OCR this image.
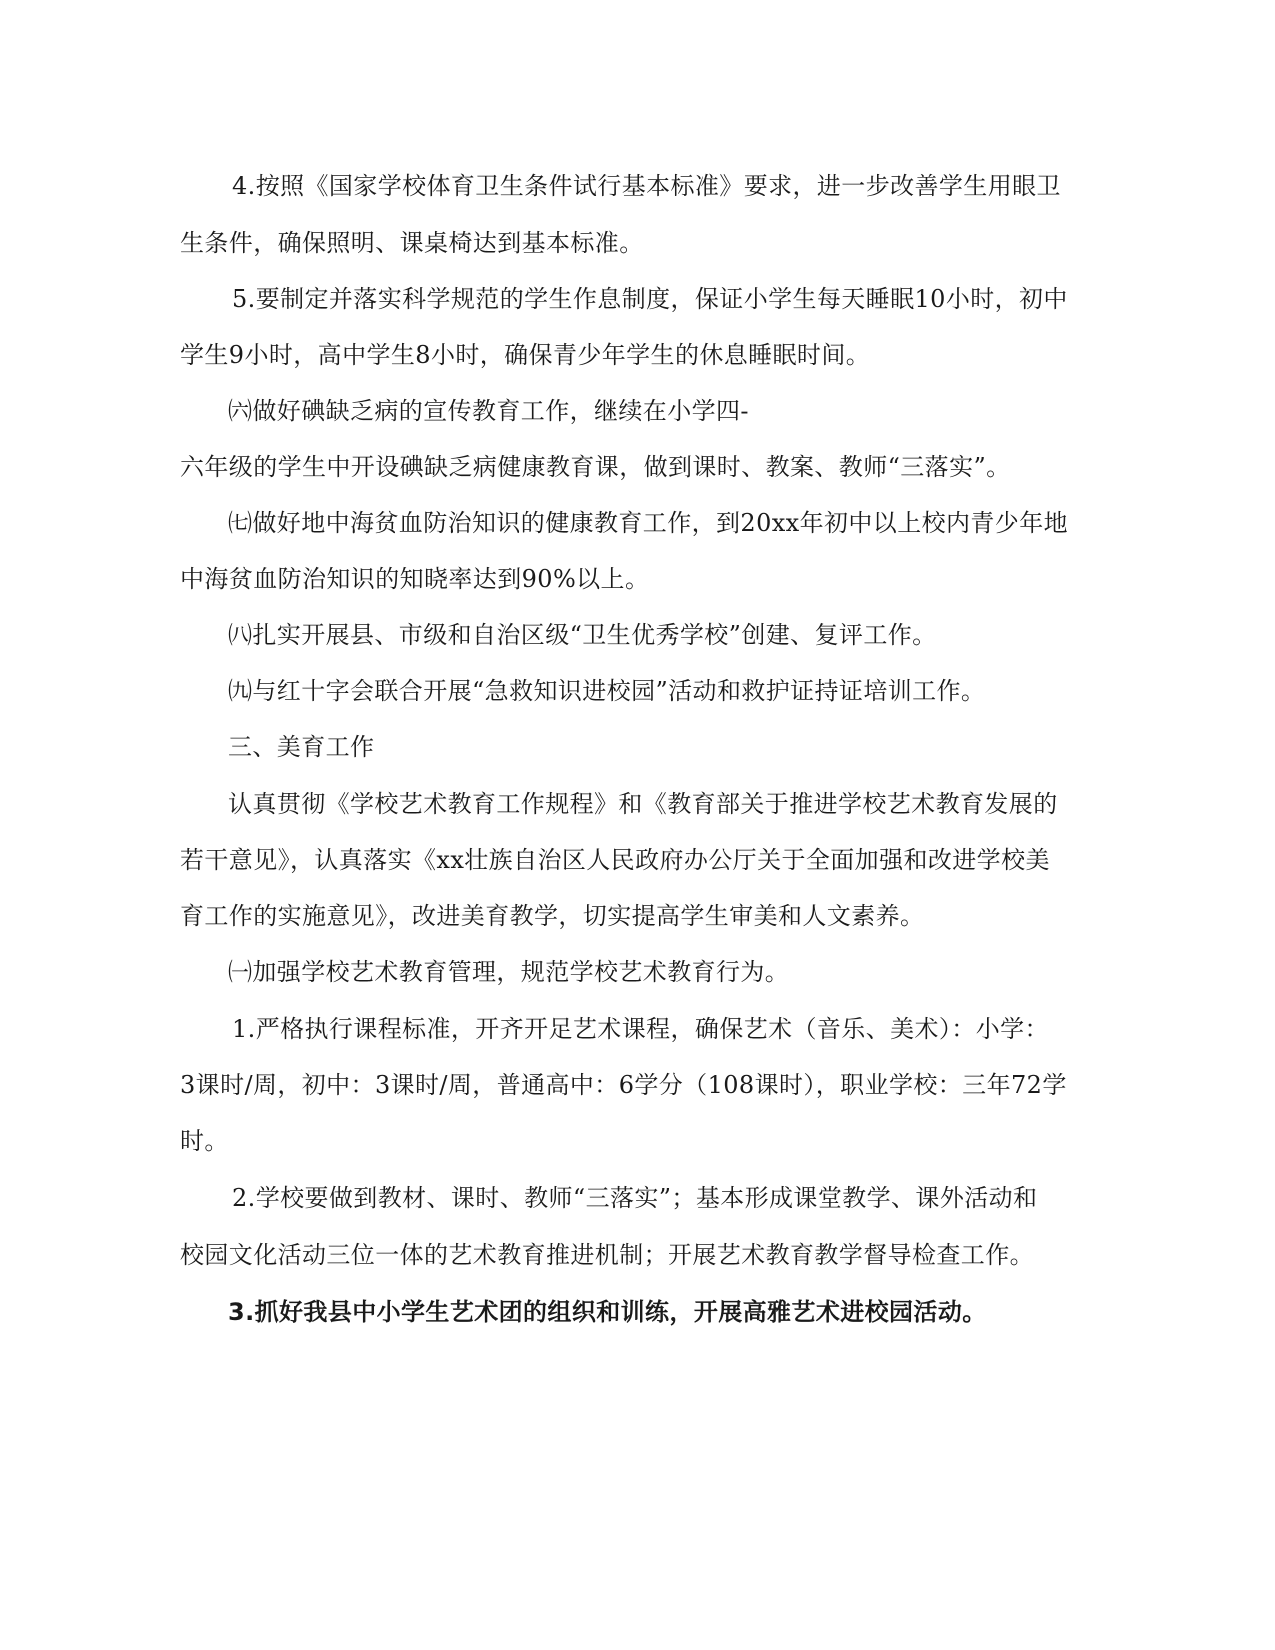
4.按照《国家学校体育卫生条件试行基本标准》要求，进一步改善学生用眼卫
生条件，确保照明、课桌椅达到基本标准。
5.要制定并落实科学规范的学生作息制度，保证小学生每天睡眠10小时，初中
学生9小时，高中学生8小时，确保青少年学生的休息睡眠时间。
㈥做好碘缺乏病的宣传教育工作，继续在小学四-
六年级的学生中开设碘缺乏病健康教育课，做到课时、教案、教师“三落实”。
㈦做好地中海贫血防治知识的健康教育工作，到20xx年初中以上校内青少年地
中海贫血防治知识的知晓率达到90%以上。
㈧扎实开展县、市级和自治区级“卫生优秀学校”创建、复评工作。
㈨与红十字会联合开展“急救知识进校园”活动和救护证持证培训工作。
三、美育工作
认真贯彻《学校艺术教育工作规程》和《教育部关于推进学校艺术教育发展的
若干意见》，认真落实《xx壮族自治区人民政府办公厅关于全面加强和改进学校美
育工作的实施意见》，改进美育教学，切实提高学生审美和人文素养。
㈠加强学校艺术教育管理，规范学校艺术教育行为。
1.严格执行课程标准，开齐开足艺术课程，确保艺术（音乐、美术）：小学：
3课时/周，初中：3课时/周，普通高中：6学分（108课时），职业学校：三年72学
时。
2.学校要做到教材、课时、教师“三落实”；基本形成课堂教学、课外活动和
校园文化活动三位一体的艺术教育推进机制；开展艺术教育教学督导检查工作。
3.抓好我县中小学生艺术团的组织和训练，开展高雅艺术进校园活动。
